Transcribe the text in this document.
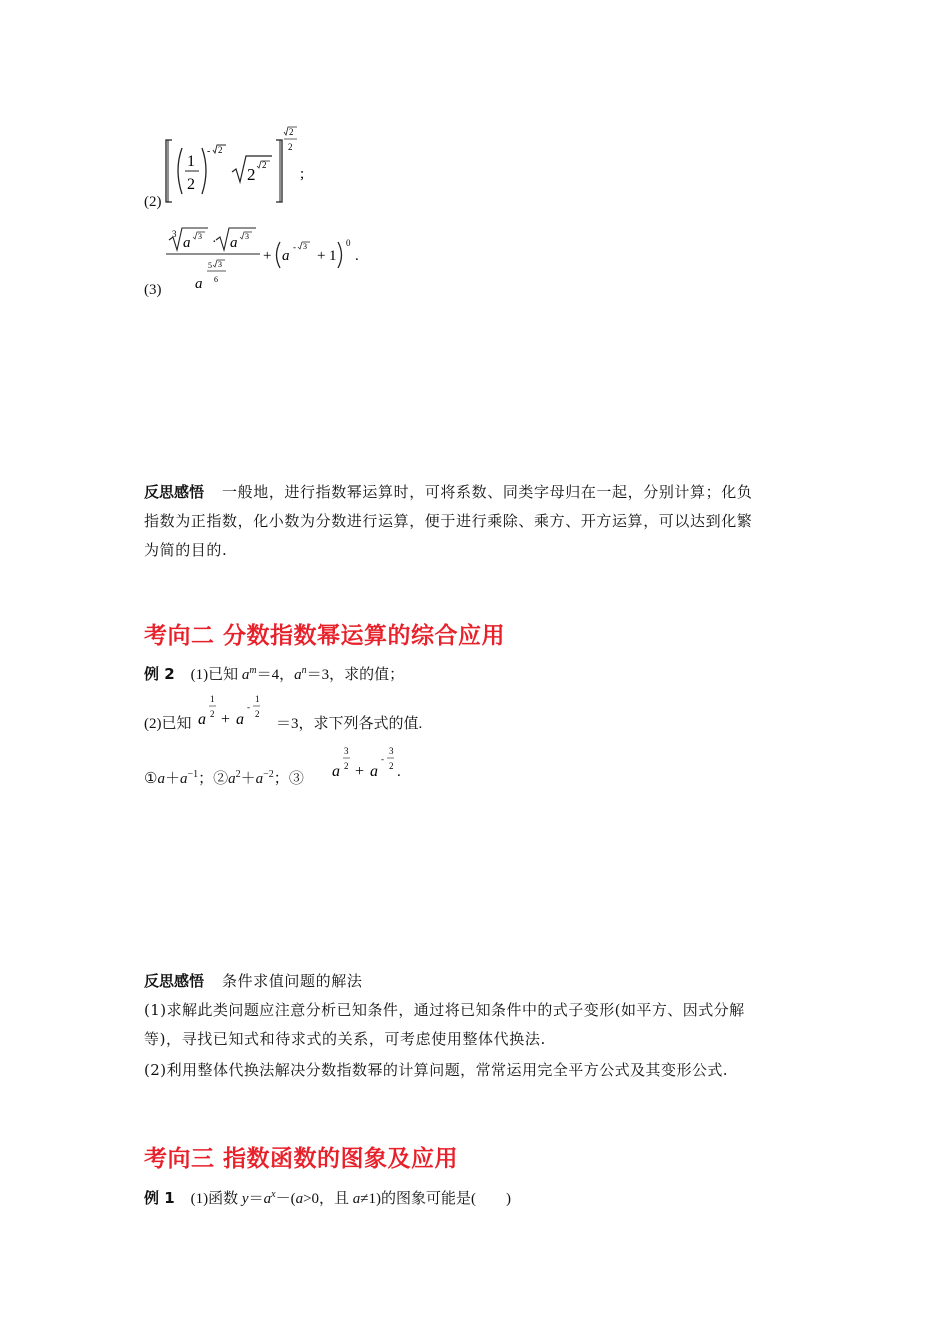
(2)
1
2
- 2
2 2
2
2
;
(3)
3
a 3 · a 3
a
5 3
6
+ a
- 3
+ 1
0
.
反思感悟 一般地，进行指数幂运算时，可将系数、同类字母归在一起，分别计算；化负
指数为正指数，化小数为分数进行运算，便于进行乘除、乘方、开方运算，可以达到化繁
为简的目的.
考向二 分数指数幂运算的综合应用
例 2 (1)已知 $a^m=4$，$a^n=3$，求的值；
(2)已知 a
1
2 + a
-
1
2
＝3，求下列各式的值.
$①a+a^{-1}$；$②a^2+a^{-2}$；③ a
3
2 + a
-
3
2 .
反思感悟 条件求值问题的解法
(1)求解此类问题应注意分析已知条件，通过将已知条件中的式子变形(如平方、因式分解
等)，寻找已知式和待求式的关系，可考虑使用整体代换法.
(2)利用整体代换法解决分数指数幂的计算问题，常常运用完全平方公式及其变形公式.
考向三 指数函数的图象及应用
例 1 (1)函数 $y=a^x-(a>0$，且 a≠1)的图象可能是(　　)
